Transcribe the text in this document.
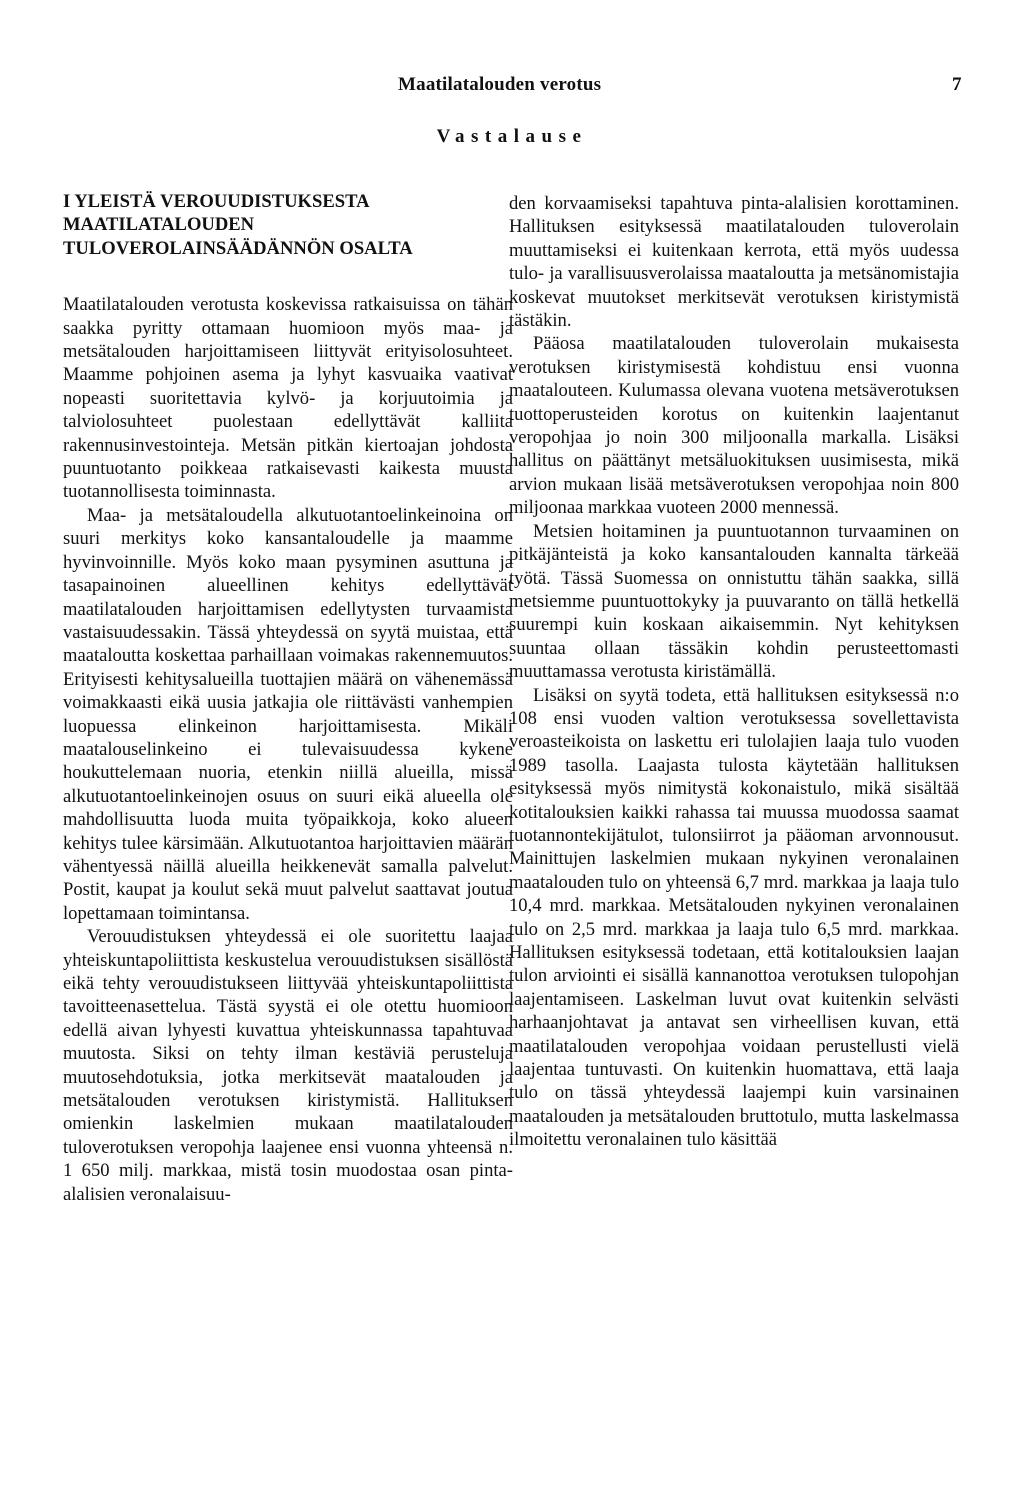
Maatilatalouden verotus	7
Vastalause
I YLEISTÄ VEROUUDISTUKSESTA MAATILATALOUDEN TULOVEROLAINSÄÄDÄNNÖN OSALTA

Maatilatalouden verotusta koskevissa ratkaisuissa on tähän saakka pyritty ottamaan huomioon myös maa- ja metsätalouden harjoittamiseen liittyvät erityisolosuhteet. Maamme pohjoinen asema ja lyhyt kasvuaika vaativat nopeasti suoritettavia kylvö- ja korjuutoimia ja talviolosuhteet puolestaan edellyttävät kalliita rakennusinvestointeja. Metsän pitkän kiertoajan johdosta puuntuotanto poikkeaa ratkaisevasti kaikesta muusta tuotannollisesta toiminnasta.

Maa- ja metsätaloudella alkutuotantoelinkeinoina on suuri merkitys koko kansantaloudelle ja maamme hyvinvoinnille. Myös koko maan pysyminen asuttuna ja tasapainoinen alueellinen kehitys edellyttävät maatilatalouden harjoittamisen edellytysten turvaamista vastaisuudessakin. Tässä yhteydessä on syytä muistaa, että maataloutta koskettaa parhaillaan voimakas rakennemuutos. Erityisesti kehitysalueilla tuottajien määrä on vähenemässä voimakkaasti eikä uusia jatkajia ole riittävästi vanhempien luopuessa elinkeinon harjoittamisesta. Mikäli maatalouselinkeino ei tulevaisuudessa kykene houkuttelemaan nuoria, etenkin niillä alueilla, missä alkutuotantoelinkeinojen osuus on suuri eikä alueella ole mahdollisuutta luoda muita työpaikkoja, koko alueen kehitys tulee kärsimään. Alkutuotantoa harjoittavien määrän vähentyessä näillä alueilla heikkenevät samalla palvelut. Postit, kaupat ja koulut sekä muut palvelut saattavat joutua lopettamaan toimintansa.

Verouudistuksen yhteydessä ei ole suoritettu laajaa yhteiskuntapoliittista keskustelua verouudistuksen sisällöstä eikä tehty verouudistukseen liittyvää yhteiskuntapoliittista tavoitteenasettelua. Tästä syystä ei ole otettu huomioon edellä aivan lyhyesti kuvattua yhteiskunnassa tapahtuvaa muutosta. Siksi on tehty ilman kestäviä perusteluja muutosehdotuksia, jotka merkitsevät maatalouden ja metsätalouden verotuksen kiristymistä. Hallituksen omienkin laskelmien mukaan maatilatalouden tuloverotuksen veropohja laajenee ensi vuonna yhteensä n. 1 650 milj. markkaa, mistä tosin muodostaa osan pinta-alalisien veronalaisuu-

den korvaamiseksi tapahtuva pinta-alalisien korottaminen. Hallituksen esityksessä maatilatalouden tuloverolain muuttamiseksi ei kuitenkaan kerrota, että myös uudessa tulo- ja varallisuusverolaissa maataloutta ja metsänomistajia koskevat muutokset merkitsevät verotuksen kiristymistä tästäkin.

Pääosa maatilatalouden tuloverolain mukaisesta verotuksen kiristymisestä kohdistuu ensi vuonna maatalouteen. Kulumassa olevana vuotena metsäverotuksen tuottoperusteiden korotus on kuitenkin laajentanut veropohjaa jo noin 300 miljoonalla markalla. Lisäksi hallitus on päättänyt metsäluokituksen uusimisesta, mikä arvion mukaan lisää metsäverotuksen veropohjaa noin 800 miljoonaa markkaa vuoteen 2000 mennessä.

Metsien hoitaminen ja puuntuotannon turvaaminen on pitkäjänteistä ja koko kansantalouden kannalta tärkeää työtä. Tässä Suomessa on onnistuttu tähän saakka, sillä metsiemme puuntuottokyky ja puuvaranto on tällä hetkellä suurempi kuin koskaan aikaisemmin. Nyt kehityksen suuntaa ollaan tässäkin kohdin perusteettomasti muuttamassa verotusta kiristämällä.

Lisäksi on syytä todeta, että hallituksen esityksessä n:o 108 ensi vuoden valtion verotuksessa sovellettavista veroasteikoista on laskettu eri tulolajien laaja tulo vuoden 1989 tasolla. Laajasta tulosta käytetään hallituksen esityksessä myös nimitystä kokonaistulo, mikä sisältää kotitalouksien kaikki rahassa tai muussa muodossa saamat tuotannontekijätulot, tulonsiirrot ja pääoman arvonnousut. Mainittujen laskelmien mukaan nykyinen veronalainen maatalouden tulo on yhteensä 6,7 mrd. markkaa ja laaja tulo 10,4 mrd. markkaa. Metsätalouden nykyinen veronalainen tulo on 2,5 mrd. markkaa ja laaja tulo 6,5 mrd. markkaa. Hallituksen esityksessä todetaan, että kotitalouksien laajan tulon arviointi ei sisällä kannanottoa verotuksen tulopohjan laajentamiseen. Laskelman luvut ovat kuitenkin selvästi harhaanjohtavat ja antavat sen virheellisen kuvan, että maatilatalouden veropohjaa voidaan perustellusti vielä laajentaa tuntuvasti. On kuitenkin huomattava, että laaja tulo on tässä yhteydessä laajempi kuin varsinainen maatalouden ja metsätalouden bruttotulo, mutta laskelmassa ilmoitettu veronalainen tulo käsittää
